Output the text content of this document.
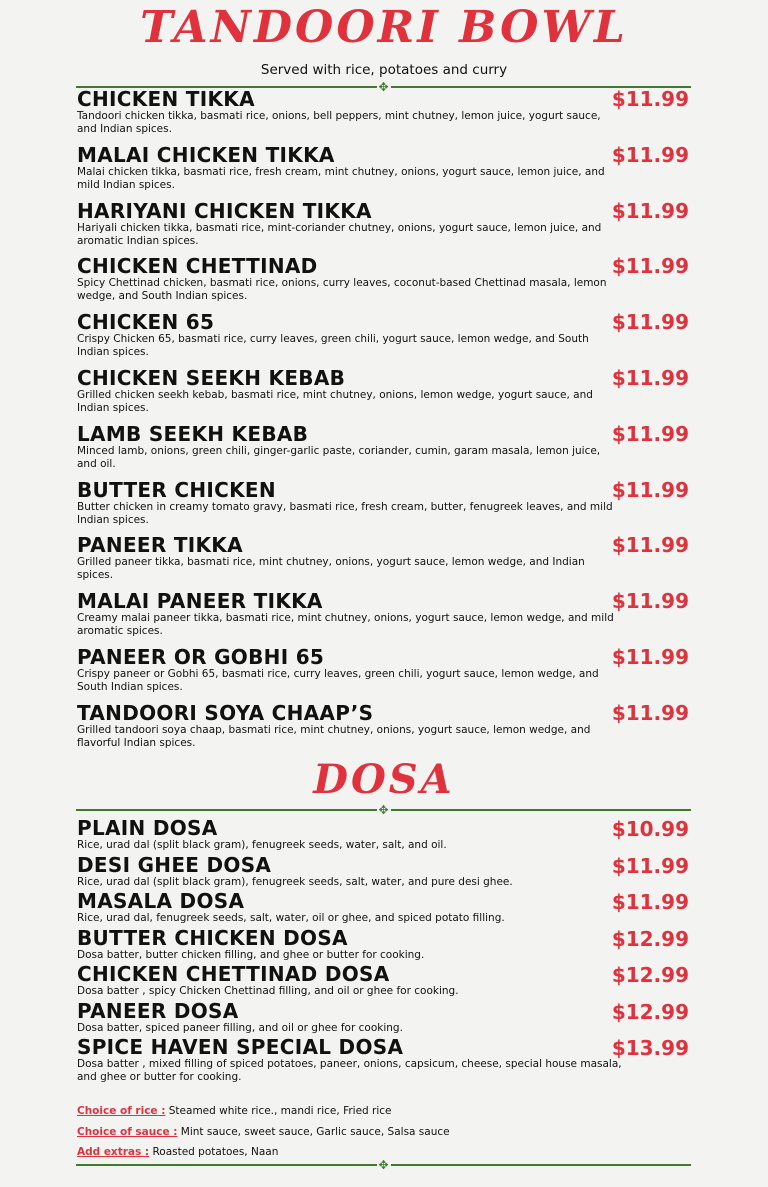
TANDOORI BOWL

Served with rice, potatoes and curry

✥
CHICKEN TIKKA	$11.99
Tandoori chicken tikka, basmati rice, onions, bell peppers, mint chutney, lemon juice, yogurt sauce, and Indian spices.
MALAI CHICKEN TIKKA	$11.99
Malai chicken tikka, basmati rice, fresh cream, mint chutney, onions, yogurt sauce, lemon juice, and mild Indian spices.
HARIYANI CHICKEN TIKKA	$11.99
Hariyali chicken tikka, basmati rice, mint-coriander chutney, onions, yogurt sauce, lemon juice, and aromatic Indian spices.
CHICKEN CHETTINAD	$11.99
Spicy Chettinad chicken, basmati rice, onions, curry leaves, coconut-based Chettinad masala, lemon wedge, and South Indian spices.
CHICKEN 65	$11.99
Crispy Chicken 65, basmati rice, curry leaves, green chili, yogurt sauce, lemon wedge, and South Indian spices.
CHICKEN SEEKH KEBAB	$11.99
Grilled chicken seekh kebab, basmati rice, mint chutney, onions, lemon wedge, yogurt sauce, and Indian spices.
LAMB SEEKH KEBAB	$11.99
Minced lamb, onions, green chili, ginger-garlic paste, coriander, cumin, garam masala, lemon juice, and oil.
BUTTER CHICKEN	$11.99
Butter chicken in creamy tomato gravy, basmati rice, fresh cream, butter, fenugreek leaves, and mild Indian spices.
PANEER TIKKA	$11.99
Grilled paneer tikka, basmati rice, mint chutney, onions, yogurt sauce, lemon wedge, and Indian spices.
MALAI PANEER TIKKA	$11.99
Creamy malai paneer tikka, basmati rice, mint chutney, onions, yogurt sauce, lemon wedge, and mild aromatic spices.
PANEER OR GOBHI 65	$11.99
Crispy paneer or Gobhi 65, basmati rice, curry leaves, green chili, yogurt sauce, lemon wedge, and South Indian spices.
TANDOORI SOYA CHAAP’S	$11.99
Grilled tandoori soya chaap, basmati rice, mint chutney, onions, yogurt sauce, lemon wedge, and flavorful Indian spices.
DOSA
✥
PLAIN DOSA	$10.99
Rice, urad dal (split black gram), fenugreek seeds, water, salt, and oil.
DESI GHEE DOSA	$11.99
Rice, urad dal (split black gram), fenugreek seeds, salt, water, and pure desi ghee.
MASALA DOSA	$11.99
Rice, urad dal, fenugreek seeds, salt, water, oil or ghee, and spiced potato filling.
BUTTER CHICKEN DOSA	$12.99
Dosa batter, butter chicken filling, and ghee or butter for cooking.
CHICKEN CHETTINAD DOSA	$12.99
Dosa batter , spicy Chicken Chettinad filling, and oil or ghee for cooking.
PANEER DOSA	$12.99
Dosa batter, spiced paneer filling, and oil or ghee for cooking.
SPICE HAVEN SPECIAL DOSA	$13.99
Dosa batter , mixed filling of spiced potatoes, paneer, onions, capsicum, cheese, special house masala, and ghee or butter for cooking.
Choice of rice : Steamed white rice., mandi rice, Fried rice
Choice of sauce : Mint sauce, sweet sauce, Garlic sauce, Salsa sauce
Add extras : Roasted potatoes, Naan
✥
